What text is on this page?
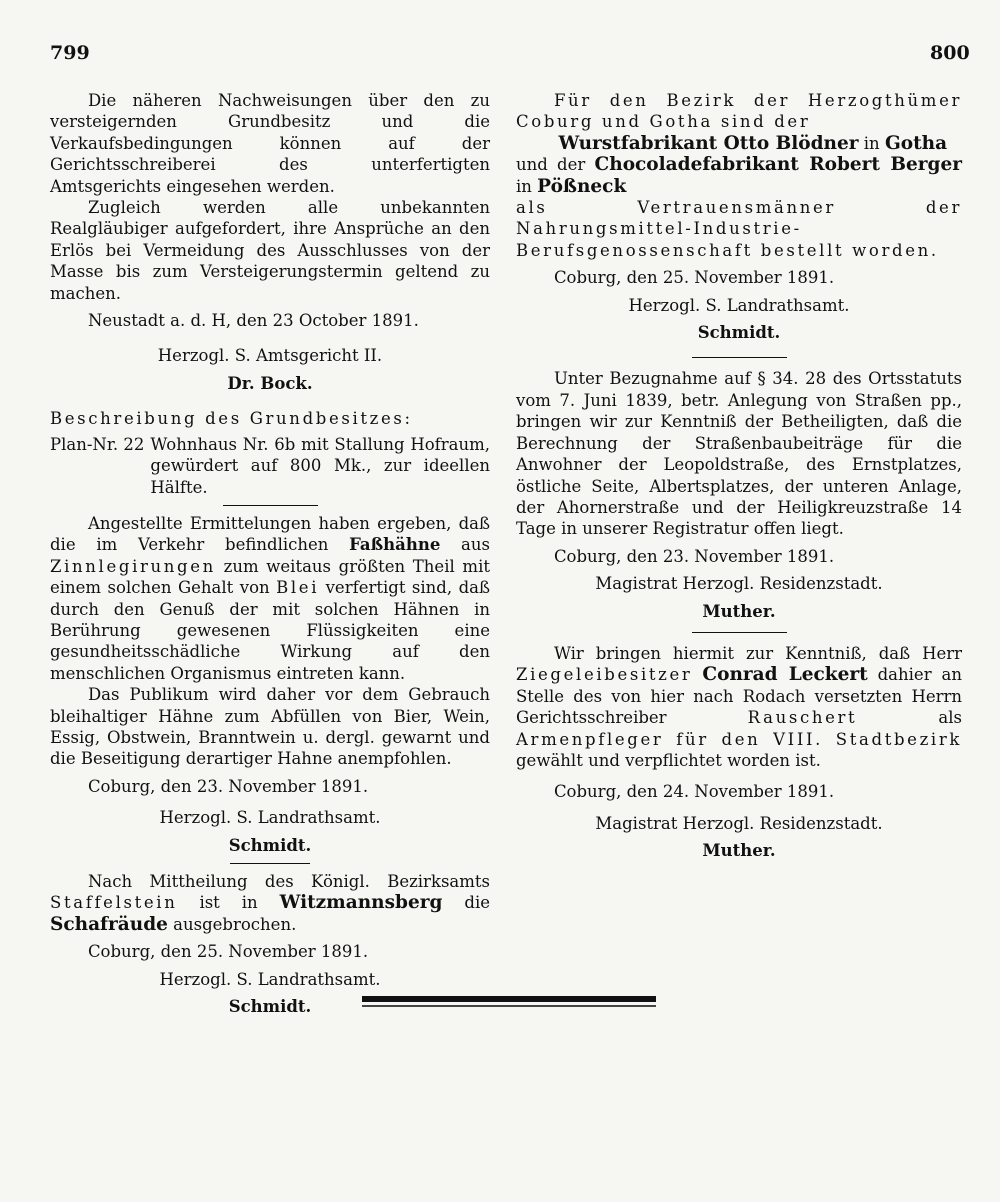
799	800

Die näheren Nachweisungen über den zu versteigernden Grundbesitz und die Verkaufsbedingungen können auf der Gerichtsschreiberei des unterfertigten Amtsgerichts eingesehen werden.

Zugleich werden alle unbekannten Realgläubiger aufgefordert, ihre Ansprüche an den Erlös bei Vermeidung des Ausschlusses von der Masse bis zum Versteigerungstermin geltend zu machen.

Neustadt a. d. H, den 23 October 1891.

Herzogl. S. Amtsgericht II.

Dr. Bock.

Beschreibung des Grundbesitzes:

Plan-Nr. 22 Wohnhaus Nr. 6b mit Stallung Hofraum, gewürdert auf 800 Mk., zur ideellen Hälfte.

Angestellte Ermittelungen haben ergeben, daß die im Verkehr befindlichen Faßhähne aus Zinnlegirungen zum weitaus größten Theil mit einem solchen Gehalt von Blei verfertigt sind, daß durch den Genuß der mit solchen Hähnen in Berührung gewesenen Flüssigkeiten eine gesundheitsschädliche Wirkung auf den menschlichen Organismus eintreten kann.

Das Publikum wird daher vor dem Gebrauch bleihaltiger Hähne zum Abfüllen von Bier, Wein, Essig, Obstwein, Branntwein u. dergl. gewarnt und die Beseitigung derartiger Hahne anempfohlen.

Coburg, den 23. November 1891.

Herzogl. S. Landrathsamt.

Schmidt.

Nach Mittheilung des Königl. Bezirksamts Staffelstein ist in Witzmannsberg die Schafräude ausgebrochen.

Coburg, den 25. November 1891.

Herzogl. S. Landrathsamt.

Schmidt.

Für den Bezirk der Herzogthümer Coburg und Gotha sind der

Wurstfabrikant Otto Blödner in Gotha

und der Chocoladefabrikant Robert Berger in Pößneck

als Vertrauensmänner der Nahrungsmittel-Industrie-Berufsgenossenschaft bestellt worden.

Coburg, den 25. November 1891.

Herzogl. S. Landrathsamt.

Schmidt.

Unter Bezugnahme auf § 34. 28 des Ortsstatuts vom 7. Juni 1839, betr. Anlegung von Straßen pp., bringen wir zur Kenntniß der Betheiligten, daß die Berechnung der Straßenbaubeiträge für die Anwohner der Leopoldstraße, des Ernstplatzes, östliche Seite, Albertsplatzes, der unteren Anlage, der Ahornerstraße und der Heiligkreuzstraße 14 Tage in unserer Registratur offen liegt.

Coburg, den 23. November 1891.

Magistrat Herzogl. Residenzstadt.

Muther.

Wir bringen hiermit zur Kenntniß, daß Herr Ziegeleibesitzer Conrad Leckert dahier an Stelle des von hier nach Rodach versetzten Herrn Gerichtsschreiber Rauschert als Armenpfleger für den VIII. Stadtbezirk gewählt und verpflichtet worden ist.

Coburg, den 24. November 1891.

Magistrat Herzogl. Residenzstadt.

Muther.
